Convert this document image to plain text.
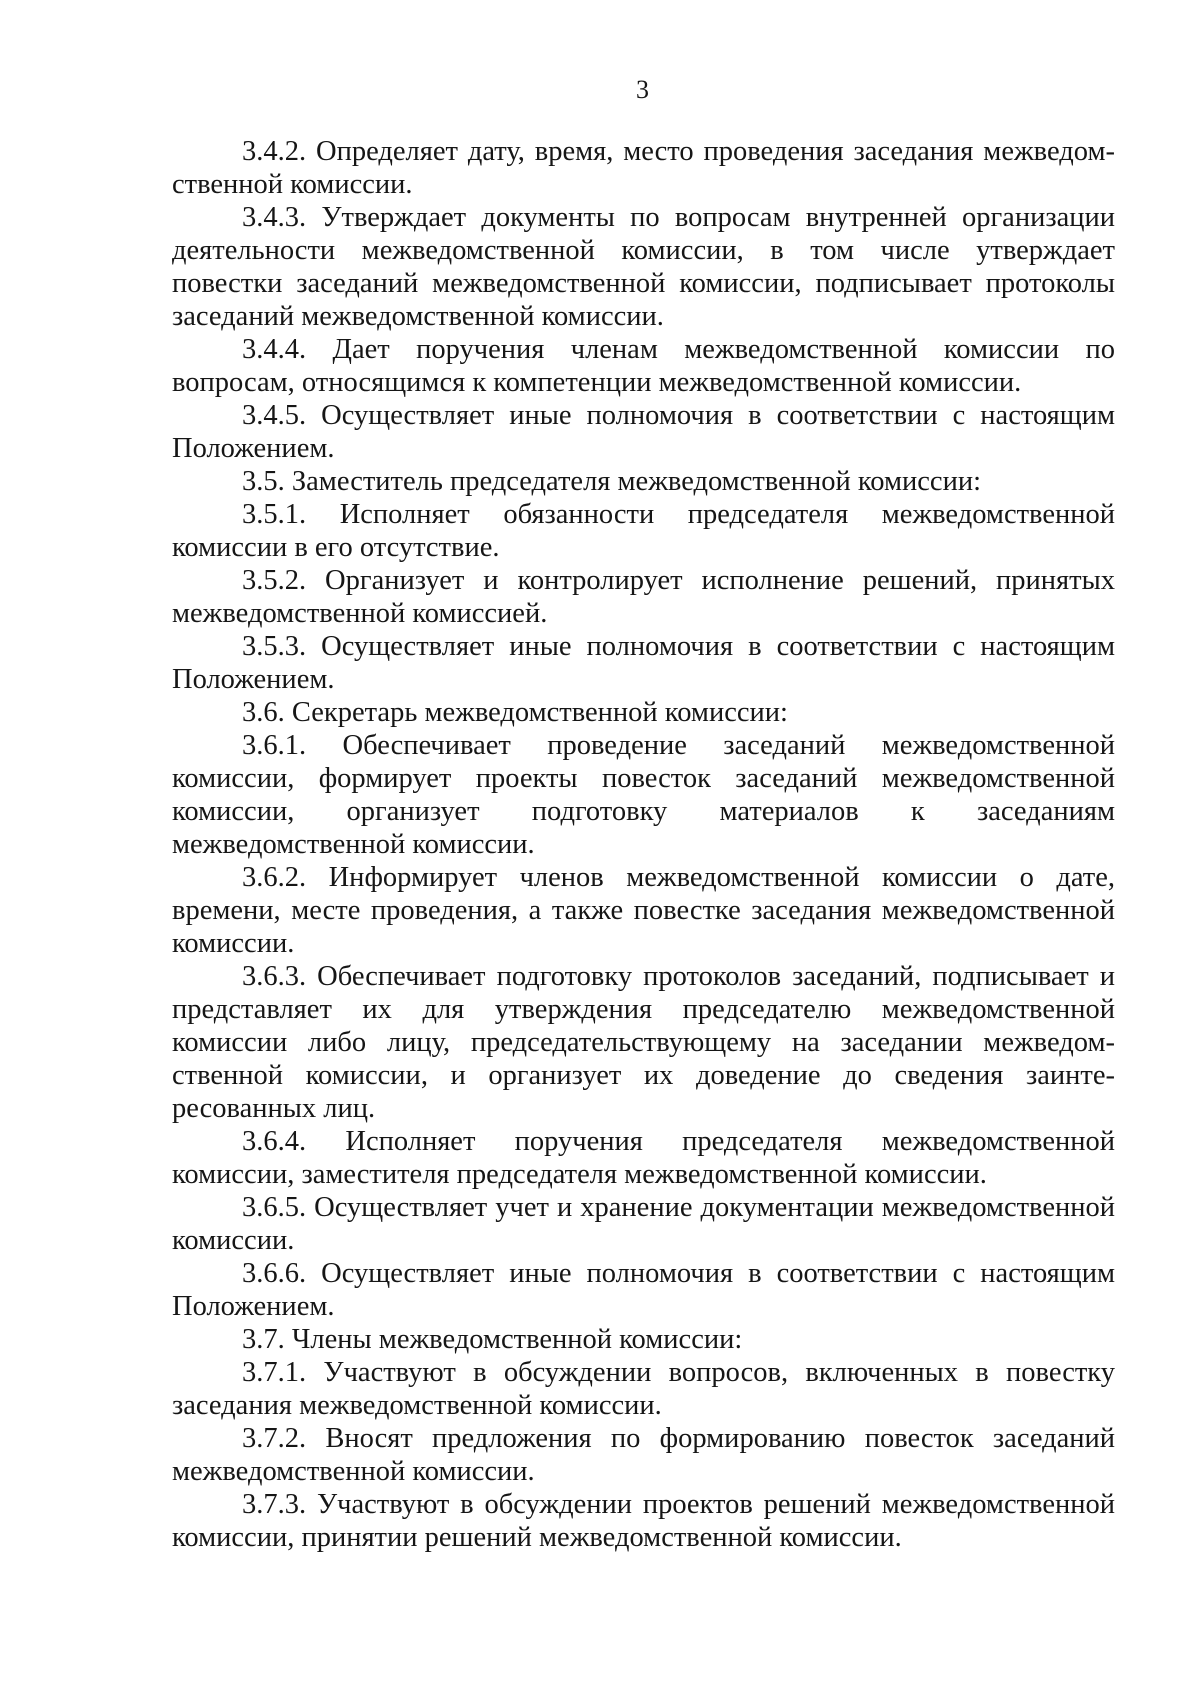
3

3.4.2. Определяет дату, время, место проведения заседания межведомственной комиссии.

3.4.3. Утверждает документы по вопросам внутренней организации деятельности межведомственной комиссии, в том числе утверждает повестки заседаний межведомственной комиссии, подписывает протоколы заседаний межведомственной комиссии.

3.4.4. Дает поручения членам межведомственной комиссии по вопросам, относящимся к компетенции межведомственной комиссии.

3.4.5. Осуществляет иные полномочия в соответствии с настоящим Положением.

3.5. Заместитель председателя межведомственной комиссии:

3.5.1. Исполняет обязанности председателя межведомственной комиссии в его отсутствие.

3.5.2. Организует и контролирует исполнение решений, принятых межведомственной комиссией.

3.5.3. Осуществляет иные полномочия в соответствии с настоящим Положением.

3.6. Секретарь межведомственной комиссии:

3.6.1. Обеспечивает проведение заседаний межведомственной комиссии, формирует проекты повесток заседаний межведомственной комиссии, организует подготовку материалов к заседаниям межведомственной комиссии.

3.6.2. Информирует членов межведомственной комиссии о дате, времени, месте проведения, а также повестке заседания межведомственной комиссии.

3.6.3. Обеспечивает подготовку протоколов заседаний, подписывает и представляет их для утверждения председателю межведомственной комиссии либо лицу, председательствующему на заседании межведомственной комиссии, и организует их доведение до сведения заинтересованных лиц.

3.6.4. Исполняет поручения председателя межведомственной комиссии, заместителя председателя межведомственной комиссии.

3.6.5. Осуществляет учет и хранение документации межведомственной комиссии.

3.6.6. Осуществляет иные полномочия в соответствии с настоящим Положением.

3.7. Члены межведомственной комиссии:

3.7.1. Участвуют в обсуждении вопросов, включенных в повестку заседания межведомственной комиссии.

3.7.2. Вносят предложения по формированию повесток заседаний межведомственной комиссии.

3.7.3. Участвуют в обсуждении проектов решений межведомственной комиссии, принятии решений межведомственной комиссии.
